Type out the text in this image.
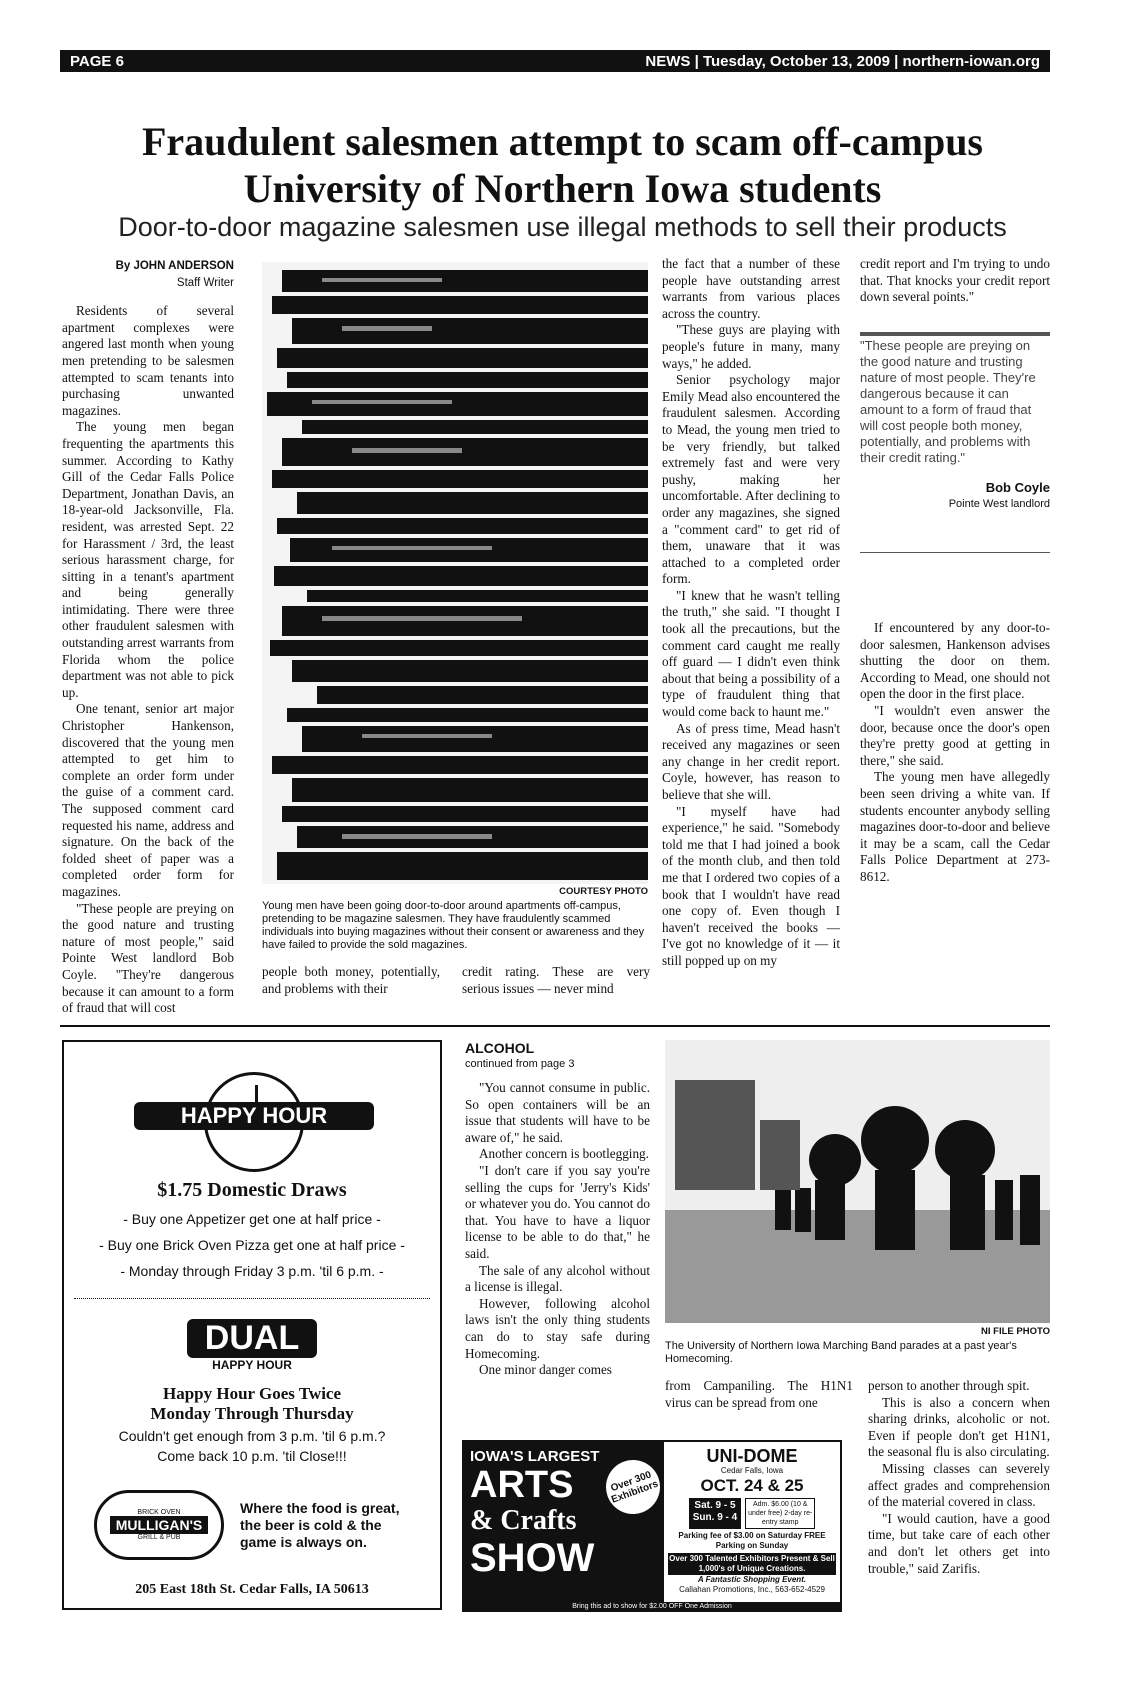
PAGE 6	NEWS | Tuesday, October 13, 2009 | northern-iowan.org
Fraudulent salesmen attempt to scam off-campus
University of Northern Iowa students
Door-to-door magazine salesmen use illegal methods to sell their products
By JOHN ANDERSON
Staff Writer

Residents of several apartment complexes were angered last month when young men pretending to be salesmen attempted to scam tenants into purchasing unwanted magazines.

The young men began frequenting the apartments this summer. According to Kathy Gill of the Cedar Falls Police Department, Jonathan Davis, an 18-year-old Jacksonville, Fla. resident, was arrested Sept. 22 for Harassment / 3rd, the least serious harassment charge, for sitting in a tenant's apartment and being generally intimidating. There were three other fraudulent salesmen with outstanding arrest warrants from Florida whom the police department was not able to pick up.

One tenant, senior art major Christopher Hankenson, discovered that the young men attempted to get him to complete an order form under the guise of a comment card. The supposed comment card requested his name, address and signature. On the back of the folded sheet of paper was a completed order form for magazines.

"These people are preying on the good nature and trusting nature of most people," said Pointe West landlord Bob Coyle. "They're dangerous because it can amount to a form of fraud that will cost

COURTESY PHOTO
Young men have been going door-to-door around apartments off-campus, pretending to be magazine salesmen. They have fraudulently scammed individuals into buying magazines without their consent or awareness and they have failed to provide the sold magazines.

people both money, potentially, and problems with their

credit rating. These are very serious issues — never mind

the fact that a number of these people have outstanding arrest warrants from various places across the country.

"These guys are playing with people's future in many, many ways," he added.

Senior psychology major Emily Mead also encountered the fraudulent salesmen. According to Mead, the young men tried to be very friendly, but talked extremely fast and were very pushy, making her uncomfortable. After declining to order any magazines, she signed a "comment card" to get rid of them, unaware that it was attached to a completed order form.

"I knew that he wasn't telling the truth," she said. "I thought I took all the precautions, but the comment card caught me really off guard — I didn't even think about that being a possibility of a type of fraudulent thing that would come back to haunt me."

As of press time, Mead hasn't received any magazines or seen any change in her credit report. Coyle, however, has reason to believe that she will.

"I myself have had experience," he said. "Somebody told me that I had joined a book of the month club, and then told me that I ordered two copies of a book that I wouldn't have read one copy of. Even though I haven't received the books — I've got no knowledge of it — it still popped up on my

credit report and I'm trying to undo that. That knocks your credit report down several points."

"These people are preying on the good nature and trusting nature of most people. They're dangerous because it can amount to a form of fraud that will cost people both money, potentially, and problems with their credit rating."
Bob Coyle
Pointe West landlord

If encountered by any door-to-door salesmen, Hankenson advises shutting the door on them. According to Mead, one should not open the door in the first place.

"I wouldn't even answer the door, because once the door's open they're pretty good at getting in there," she said.

The young men have allegedly been seen driving a white van. If students encounter anybody selling magazines door-to-door and believe it may be a scam, call the Cedar Falls Police Department at 273-8612.

HAPPY HOUR
$1.75 Domestic Draws
- Buy one Appetizer get one at half price -
- Buy one Brick Oven Pizza get one at half price -
- Monday through Friday 3 p.m. 'til 6 p.m. -
DUAL
HAPPY HOUR
Happy Hour Goes Twice
Monday Through Thursday
Couldn't get enough from 3 p.m. 'til 6 p.m.?
Come back 10 p.m. 'til Close!!!
BRICK OVEN
MULLIGAN'S
GRILL & PUB
Where the food is great,
the beer is cold & the
game is always on.
205 East 18th St. Cedar Falls, IA 50613
ALCOHOL
continued from page 3

"You cannot consume in public. So open containers will be an issue that students will have to be aware of," he said.

Another concern is bootlegging.

"I don't care if you say you're selling the cups for 'Jerry's Kids' or whatever you do. You cannot do that. You have to have a liquor license to be able to do that," he said.

The sale of any alcohol without a license is illegal.

However, following alcohol laws isn't the only thing students can do to stay safe during Homecoming.

One minor danger comes

NI FILE PHOTO
The University of Northern Iowa Marching Band parades at a past year's Homecoming.

from Campaniling. The H1N1 virus can be spread from one

person to another through spit.

This is also a concern when sharing drinks, alcoholic or not. Even if people don't get H1N1, the seasonal flu is also circulating.

Missing classes can severely affect grades and comprehension of the material covered in class.

"I would caution, have a good time, but take care of each other and don't let others get into trouble," said Zarifis.

IOWA'S LARGEST
ARTS
& Crafts
SHOW
Over 300 Exhibitors
UNI-DOME
Cedar Falls, Iowa
OCT. 24 & 25
Sat. 9 - 5
Sun. 9 - 4
Adm. $6.00 (10 & under free) 2-day re-entry stamp
Parking fee of $3.00 on Saturday FREE Parking on Sunday
Over 300 Talented Exhibitors Present & Sell 1,000's of Unique Creations.
A Fantastic Shopping Event.
Callahan Promotions, Inc., 563-652-4529
Bring this ad to show for $2.00 OFF One Admission
